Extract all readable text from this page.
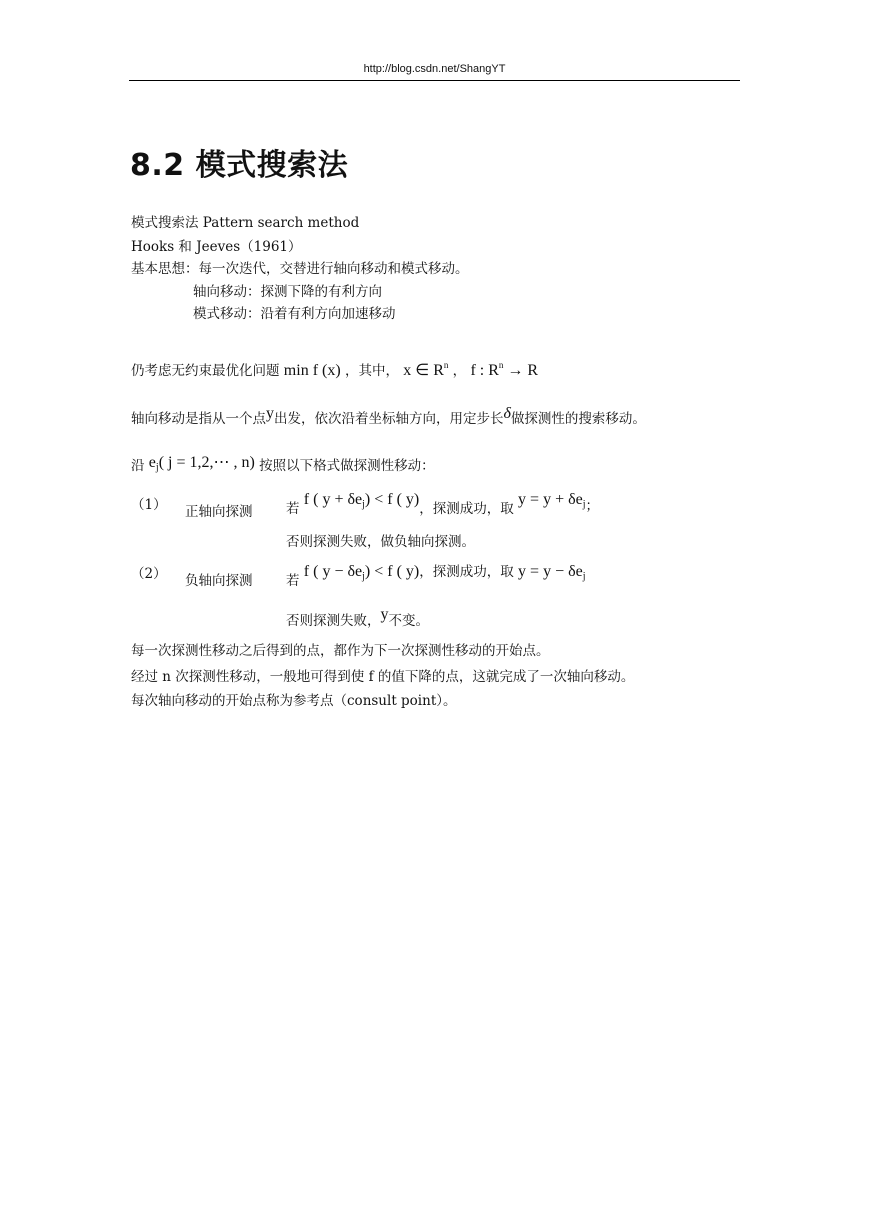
http://blog.csdn.net/ShangYT
8.2 模式搜索法
模式搜索法 Pattern search method
Hooks 和 Jeeves（1961）
基本思想：每一次迭代，交替进行轴向移动和模式移动。
轴向移动：探测下降的有利方向
模式移动：沿着有利方向加速移动
仍考虑无约束最优化问题 min f (x) ，其中， x ∈ $R^n$ ， f : $R^n \to R$
轴向移动是指从一个点y出发，依次沿着坐标轴方向，用定步长δ做探测性的搜索移动。
沿 $e_j$( j = 1,2,⋯ , n) 按照以下格式做探测性移动：
（1） 正轴向探测 若 f ( $y + \delta e_j) < f$ ( y)，探测成功，取 $y = y + \delta e_j$；
否则探测失败，做负轴向探测。
（2） 负轴向探测 若 f ( $y - \delta e_j) < f$ ( y)，探测成功，取 $y = y - \delta e_j$
否则探测失败，y不变。
每一次探测性移动之后得到的点，都作为下一次探测性移动的开始点。
经过 n 次探测性移动，一般地可得到使 f 的值下降的点，这就完成了一次轴向移动。
每次轴向移动的开始点称为参考点（consult point）。
